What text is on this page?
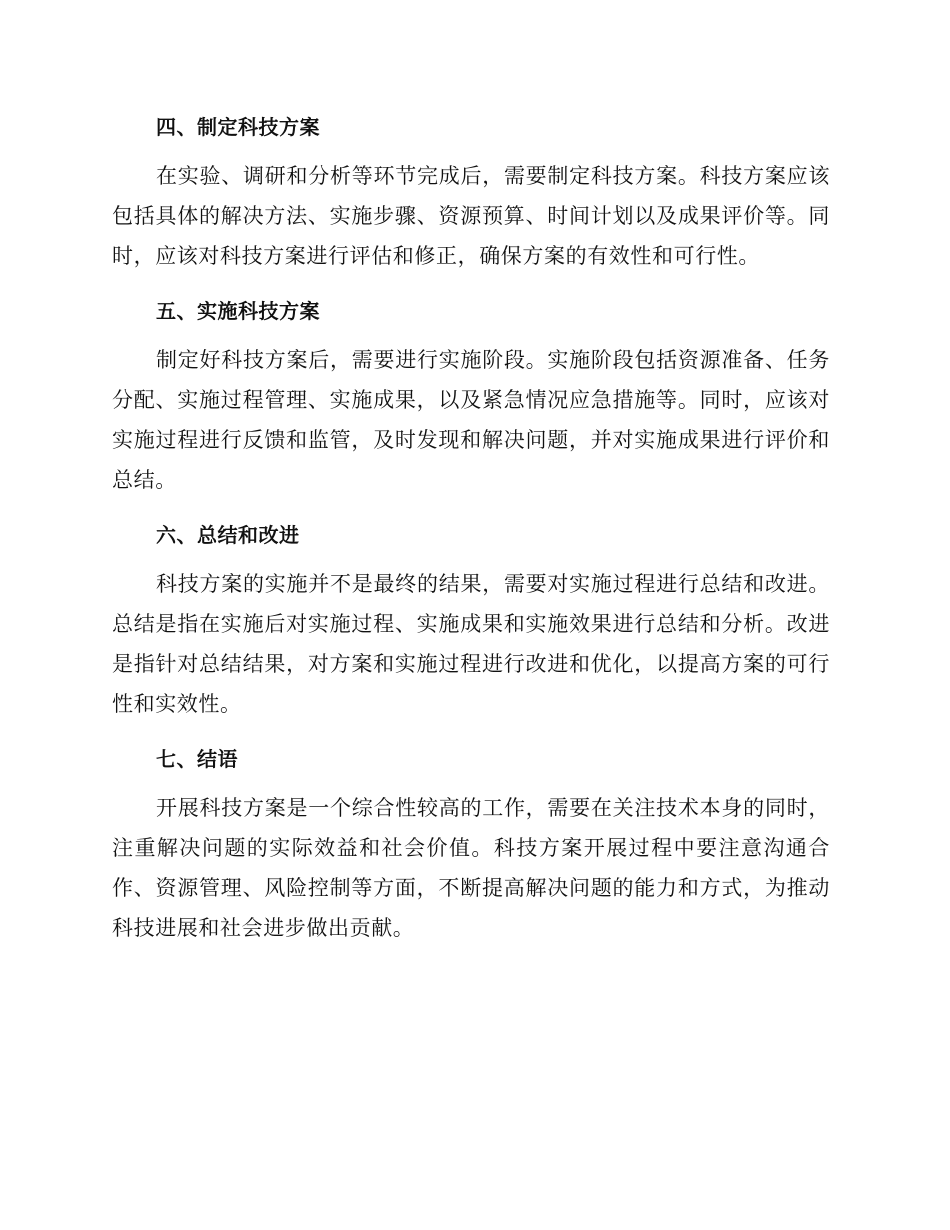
四、制定科技方案

在实验、调研和分析等环节完成后，需要制定科技方案。科技方案应该包括具体的解决方法、实施步骤、资源预算、时间计划以及成果评价等。同时，应该对科技方案进行评估和修正，确保方案的有效性和可行性。

五、实施科技方案

制定好科技方案后，需要进行实施阶段。实施阶段包括资源准备、任务分配、实施过程管理、实施成果，以及紧急情况应急措施等。同时，应该对实施过程进行反馈和监管，及时发现和解决问题，并对实施成果进行评价和总结。

六、总结和改进

科技方案的实施并不是最终的结果，需要对实施过程进行总结和改进。总结是指在实施后对实施过程、实施成果和实施效果进行总结和分析。改进是指针对总结结果，对方案和实施过程进行改进和优化，以提高方案的可行性和实效性。

七、结语

开展科技方案是一个综合性较高的工作，需要在关注技术本身的同时，注重解决问题的实际效益和社会价值。科技方案开展过程中要注意沟通合作、资源管理、风险控制等方面，不断提高解决问题的能力和方式，为推动科技进展和社会进步做出贡献。
